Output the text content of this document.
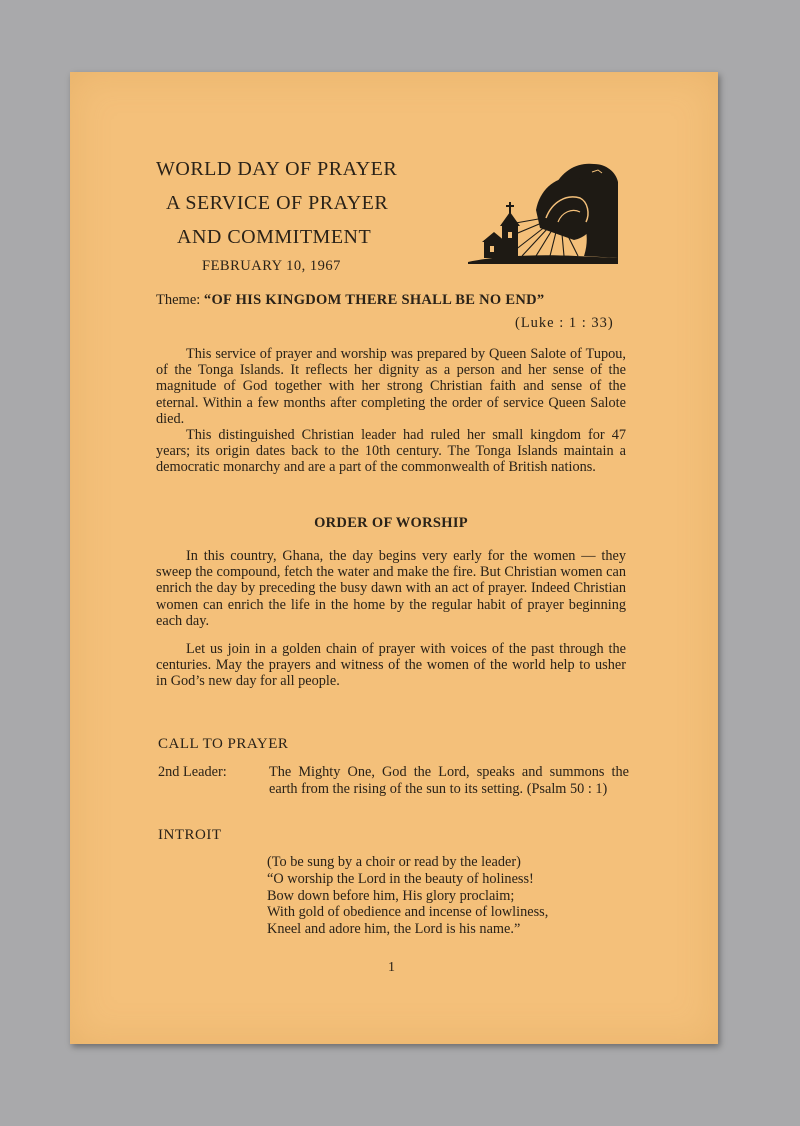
WORLD DAY OF PRAYER
A SERVICE OF PRAYER
AND COMMITMENT
FEBRUARY 10, 1967
Theme: “OF HIS KINGDOM THERE SHALL BE NO END”
(Luke : 1 : 33)

This service of prayer and worship was prepared by Queen Salote of Tupou, of the Tonga Islands. It reflects her dignity as a person and her sense of the magnitude of God together with her strong Christian faith and sense of the eternal. Within a few months after completing the order of service Queen Salote died.

This distinguished Christian leader had ruled her small kingdom for 47 years; its origin dates back to the 10th century. The Tonga Islands maintain a democratic monarchy and are a part of the commonwealth of British nations.

ORDER OF WORSHIP

In this country, Ghana, the day begins very early for the women — they sweep the compound, fetch the water and make the fire. But Christian women can enrich the day by preceding the busy dawn with an act of prayer. Indeed Christian women can enrich the life in the home by the regular habit of prayer beginning each day.

Let us join in a golden chain of prayer with voices of the past through the centuries. May the prayers and witness of the women of the world help to usher in God’s new day for all people.

CALL TO PRAYER
2nd Leader:	The Mighty One, God the Lord, speaks and summons the earth from the rising of the sun to its setting. (Psalm 50 : 1)
INTROIT
(To be sung by a choir or read by the leader)
“O worship the Lord in the beauty of holiness!
Bow down before him, His glory proclaim;
With gold of obedience and incense of lowliness,
Kneel and adore him, the Lord is his name.”
1
